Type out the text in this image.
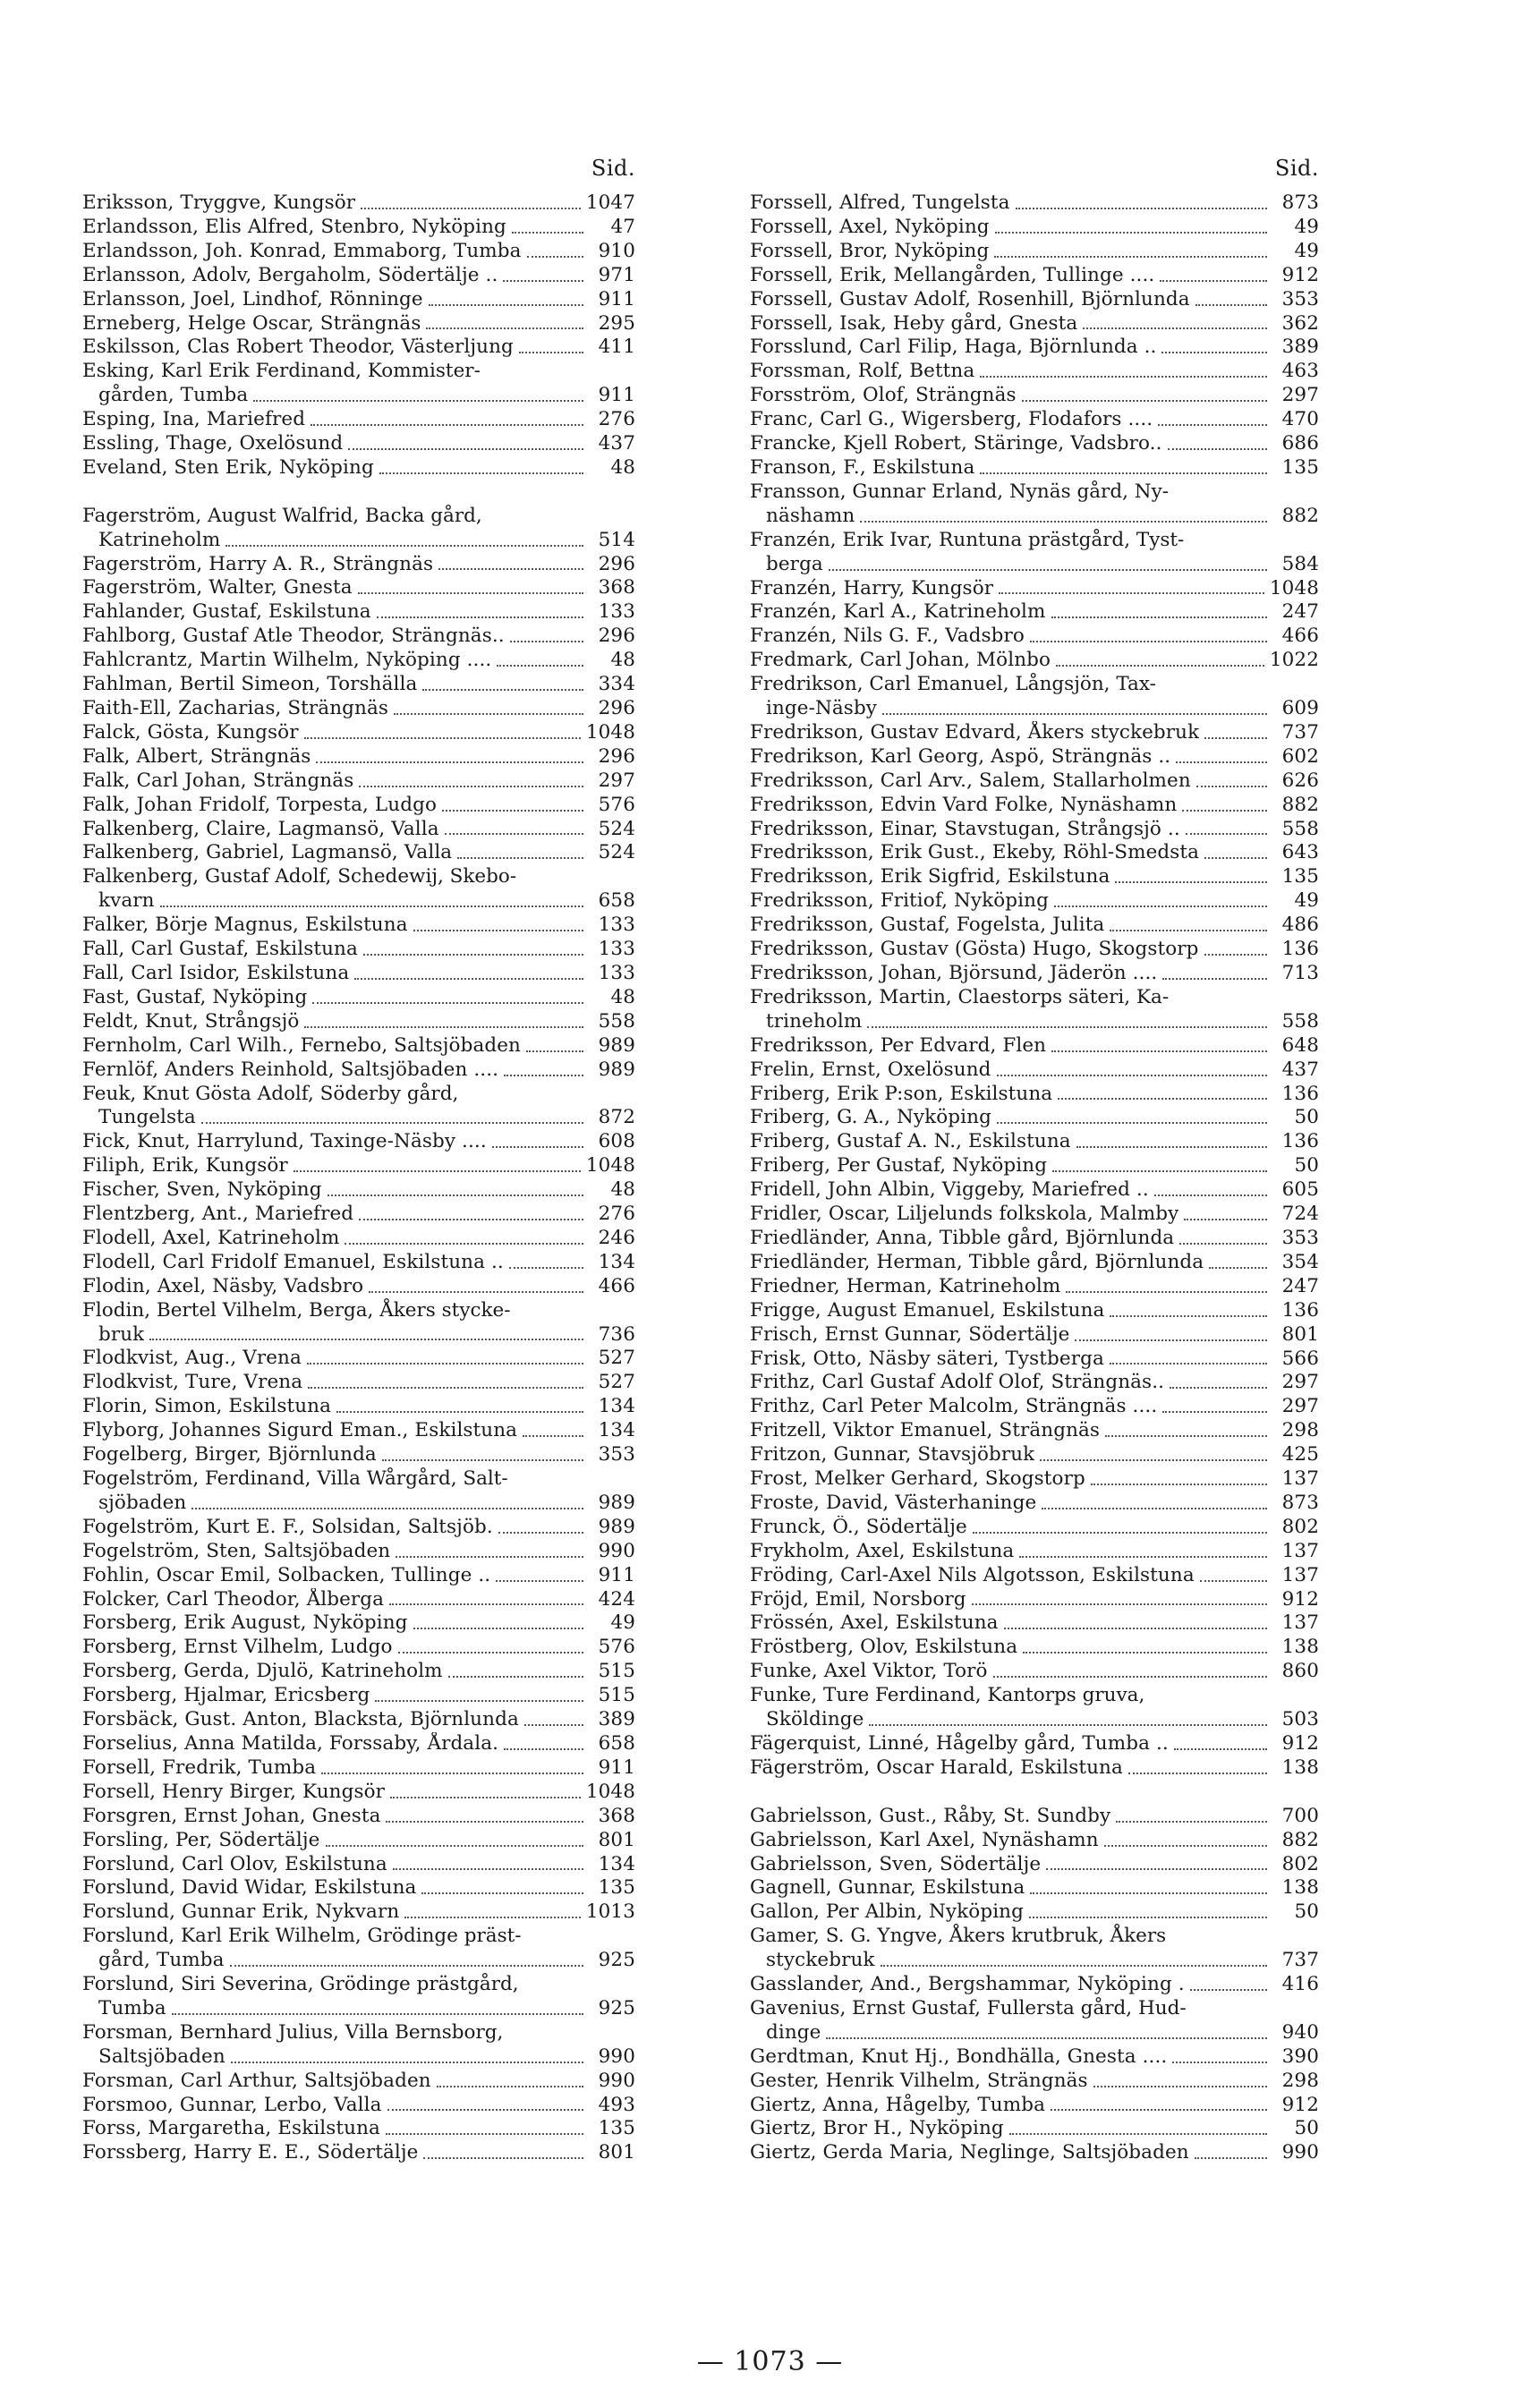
Sid.
Eriksson, Tryggve, Kungsör	1047
Erlandsson, Elis Alfred, Stenbro, Nyköping	47
Erlandsson, Joh. Konrad, Emmaborg, Tumba	910
Erlansson, Adolv, Bergaholm, Södertälje ..	971
Erlansson, Joel, Lindhof, Rönninge	911
Erneberg, Helge Oscar, Strängnäs	295
Eskilsson, Clas Robert Theodor, Västerljung	411
Esking, Karl Erik Ferdinand, Kommister-
gården, Tumba	911
Esping, Ina, Mariefred	276
Essling, Thage, Oxelösund	437
Eveland, Sten Erik, Nyköping	48
Fagerström, August Walfrid, Backa gård,
Katrineholm	514
Fagerström, Harry A. R., Strängnäs	296
Fagerström, Walter, Gnesta	368
Fahlander, Gustaf, Eskilstuna	133
Fahlborg, Gustaf Atle Theodor, Strängnäs..	296
Fahlcrantz, Martin Wilhelm, Nyköping ....	48
Fahlman, Bertil Simeon, Torshälla	334
Faith-Ell, Zacharias, Strängnäs	296
Falck, Gösta, Kungsör	1048
Falk, Albert, Strängnäs	296
Falk, Carl Johan, Strängnäs	297
Falk, Johan Fridolf, Torpesta, Ludgo	576
Falkenberg, Claire, Lagmansö, Valla	524
Falkenberg, Gabriel, Lagmansö, Valla	524
Falkenberg, Gustaf Adolf, Schedewij, Skebo-
kvarn	658
Falker, Börje Magnus, Eskilstuna	133
Fall, Carl Gustaf, Eskilstuna	133
Fall, Carl Isidor, Eskilstuna	133
Fast, Gustaf, Nyköping	48
Feldt, Knut, Strångsjö	558
Fernholm, Carl Wilh., Fernebo, Saltsjöbaden	989
Fernlöf, Anders Reinhold, Saltsjöbaden ....	989
Feuk, Knut Gösta Adolf, Söderby gård,
Tungelsta	872
Fick, Knut, Harrylund, Taxinge-Näsby ....	608
Filiph, Erik, Kungsör	1048
Fischer, Sven, Nyköping	48
Flentzberg, Ant., Mariefred	276
Flodell, Axel, Katrineholm	246
Flodell, Carl Fridolf Emanuel, Eskilstuna ..	134
Flodin, Axel, Näsby, Vadsbro	466
Flodin, Bertel Vilhelm, Berga, Åkers stycke-
bruk	736
Flodkvist, Aug., Vrena	527
Flodkvist, Ture, Vrena	527
Florin, Simon, Eskilstuna	134
Flyborg, Johannes Sigurd Eman., Eskilstuna	134
Fogelberg, Birger, Björnlunda	353
Fogelström, Ferdinand, Villa Wårgård, Salt-
sjöbaden	989
Fogelström, Kurt E. F., Solsidan, Saltsjöb.	989
Fogelström, Sten, Saltsjöbaden	990
Fohlin, Oscar Emil, Solbacken, Tullinge ..	911
Folcker, Carl Theodor, Ålberga	424
Forsberg, Erik August, Nyköping	49
Forsberg, Ernst Vilhelm, Ludgo	576
Forsberg, Gerda, Djulö, Katrineholm	515
Forsberg, Hjalmar, Ericsberg	515
Forsbäck, Gust. Anton, Blacksta, Björnlunda	389
Forselius, Anna Matilda, Forssaby, Årdala.	658
Forsell, Fredrik, Tumba	911
Forsell, Henry Birger, Kungsör	1048
Forsgren, Ernst Johan, Gnesta	368
Forsling, Per, Södertälje	801
Forslund, Carl Olov, Eskilstuna	134
Forslund, David Widar, Eskilstuna	135
Forslund, Gunnar Erik, Nykvarn	1013
Forslund, Karl Erik Wilhelm, Grödinge präst-
gård, Tumba	925
Forslund, Siri Severina, Grödinge prästgård,
Tumba	925
Forsman, Bernhard Julius, Villa Bernsborg,
Saltsjöbaden	990
Forsman, Carl Arthur, Saltsjöbaden	990
Forsmoo, Gunnar, Lerbo, Valla	493
Forss, Margaretha, Eskilstuna	135
Forssberg, Harry E. E., Södertälje	801
Sid.
Forssell, Alfred, Tungelsta	873
Forssell, Axel, Nyköping	49
Forssell, Bror, Nyköping	49
Forssell, Erik, Mellangården, Tullinge ....	912
Forssell, Gustav Adolf, Rosenhill, Björnlunda	353
Forssell, Isak, Heby gård, Gnesta	362
Forsslund, Carl Filip, Haga, Björnlunda ..	389
Forssman, Rolf, Bettna	463
Forsström, Olof, Strängnäs	297
Franc, Carl G., Wigersberg, Flodafors ....	470
Francke, Kjell Robert, Stäringe, Vadsbro..	686
Franson, F., Eskilstuna	135
Fransson, Gunnar Erland, Nynäs gård, Ny-
näshamn	882
Franzén, Erik Ivar, Runtuna prästgård, Tyst-
berga	584
Franzén, Harry, Kungsör	1048
Franzén, Karl A., Katrineholm	247
Franzén, Nils G. F., Vadsbro	466
Fredmark, Carl Johan, Mölnbo	1022
Fredrikson, Carl Emanuel, Långsjön, Tax-
inge-Näsby	609
Fredrikson, Gustav Edvard, Åkers styckebruk	737
Fredrikson, Karl Georg, Aspö, Strängnäs ..	602
Fredriksson, Carl Arv., Salem, Stallarholmen	626
Fredriksson, Edvin Vard Folke, Nynäshamn	882
Fredriksson, Einar, Stavstugan, Strångsjö ..	558
Fredriksson, Erik Gust., Ekeby, Röhl-Smedsta	643
Fredriksson, Erik Sigfrid, Eskilstuna	135
Fredriksson, Fritiof, Nyköping	49
Fredriksson, Gustaf, Fogelsta, Julita	486
Fredriksson, Gustav (Gösta) Hugo, Skogstorp	136
Fredriksson, Johan, Björsund, Jäderön ....	713
Fredriksson, Martin, Claestorps säteri, Ka-
trineholm	558
Fredriksson, Per Edvard, Flen	648
Frelin, Ernst, Oxelösund	437
Friberg, Erik P:son, Eskilstuna	136
Friberg, G. A., Nyköping	50
Friberg, Gustaf A. N., Eskilstuna	136
Friberg, Per Gustaf, Nyköping	50
Fridell, John Albin, Viggeby, Mariefred ..	605
Fridler, Oscar, Liljelunds folkskola, Malmby	724
Friedländer, Anna, Tibble gård, Björnlunda	353
Friedländer, Herman, Tibble gård, Björnlunda	354
Friedner, Herman, Katrineholm	247
Frigge, August Emanuel, Eskilstuna	136
Frisch, Ernst Gunnar, Södertälje	801
Frisk, Otto, Näsby säteri, Tystberga	566
Frithz, Carl Gustaf Adolf Olof, Strängnäs..	297
Frithz, Carl Peter Malcolm, Strängnäs ....	297
Fritzell, Viktor Emanuel, Strängnäs	298
Fritzon, Gunnar, Stavsjöbruk	425
Frost, Melker Gerhard, Skogstorp	137
Froste, David, Västerhaninge	873
Frunck, Ö., Södertälje	802
Frykholm, Axel, Eskilstuna	137
Fröding, Carl-Axel Nils Algotsson, Eskilstuna	137
Fröjd, Emil, Norsborg	912
Frössén, Axel, Eskilstuna	137
Fröstberg, Olov, Eskilstuna	138
Funke, Axel Viktor, Torö	860
Funke, Ture Ferdinand, Kantorps gruva,
Sköldinge	503
Fägerquist, Linné, Hågelby gård, Tumba ..	912
Fägerström, Oscar Harald, Eskilstuna	138
Gabrielsson, Gust., Råby, St. Sundby	700
Gabrielsson, Karl Axel, Nynäshamn	882
Gabrielsson, Sven, Södertälje	802
Gagnell, Gunnar, Eskilstuna	138
Gallon, Per Albin, Nyköping	50
Gamer, S. G. Yngve, Åkers krutbruk, Åkers
styckebruk	737
Gasslander, And., Bergshammar, Nyköping .	416
Gavenius, Ernst Gustaf, Fullersta gård, Hud-
dinge	940
Gerdtman, Knut Hj., Bondhälla, Gnesta ....	390
Gester, Henrik Vilhelm, Strängnäs	298
Giertz, Anna, Hågelby, Tumba	912
Giertz, Bror H., Nyköping	50
Giertz, Gerda Maria, Neglinge, Saltsjöbaden	990
— 1073 —
